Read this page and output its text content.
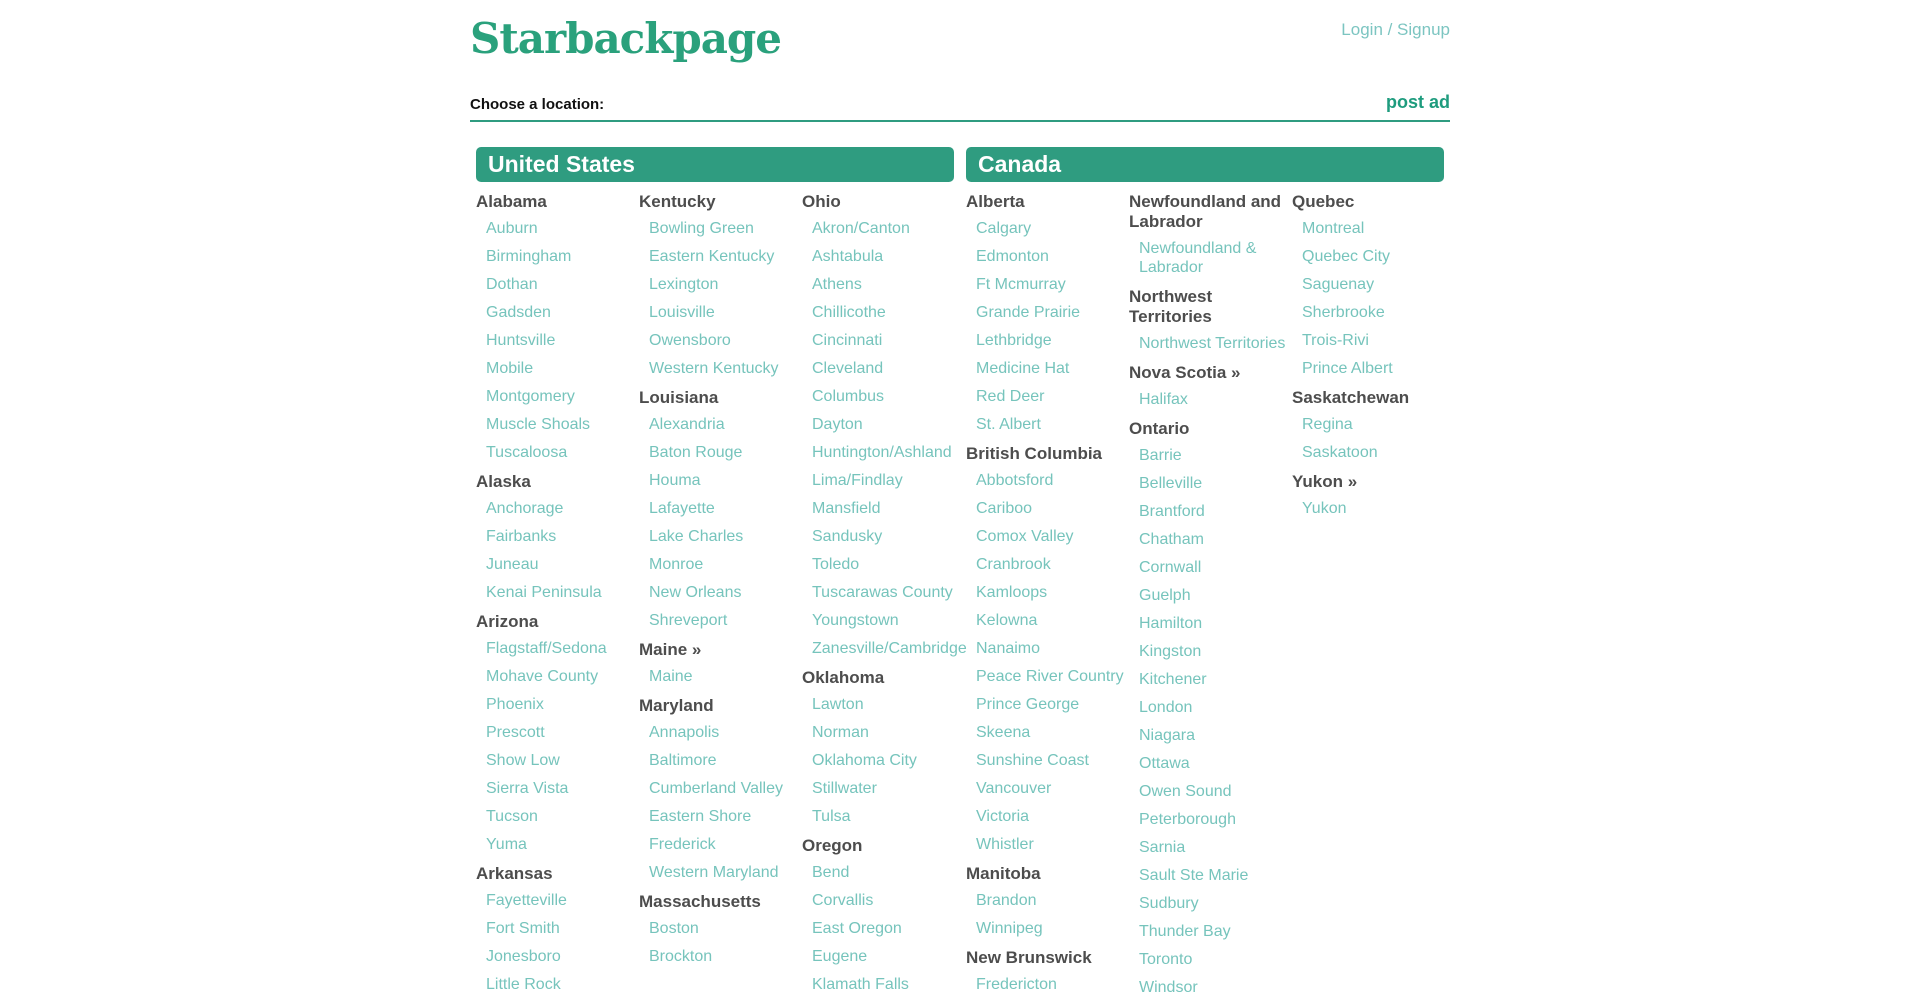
Starbackpage	Login / Signup
Choose a location:	post ad
United States
Alabama
Auburn
Birmingham
Dothan
Gadsden
Huntsville
Mobile
Montgomery
Muscle Shoals
Tuscaloosa
Alaska
Anchorage
Fairbanks
Juneau
Kenai Peninsula
Arizona
Flagstaff/Sedona
Mohave County
Phoenix
Prescott
Show Low
Sierra Vista
Tucson
Yuma
Arkansas
Fayetteville
Fort Smith
Jonesboro
Little Rock
Kentucky
Bowling Green
Eastern Kentucky
Lexington
Louisville
Owensboro
Western Kentucky
Louisiana
Alexandria
Baton Rouge
Houma
Lafayette
Lake Charles
Monroe
New Orleans
Shreveport
Maine »
Maine
Maryland
Annapolis
Baltimore
Cumberland Valley
Eastern Shore
Frederick
Western Maryland
Massachusetts
Boston
Brockton
Ohio
Akron/Canton
Ashtabula
Athens
Chillicothe
Cincinnati
Cleveland
Columbus
Dayton
Huntington/Ashland
Lima/Findlay
Mansfield
Sandusky
Toledo
Tuscarawas County
Youngstown
Zanesville/Cambridge
Oklahoma
Lawton
Norman
Oklahoma City
Stillwater
Tulsa
Oregon
Bend
Corvallis
East Oregon
Eugene
Klamath Falls
Canada
Alberta
Calgary
Edmonton
Ft Mcmurray
Grande Prairie
Lethbridge
Medicine Hat
Red Deer
St. Albert
British Columbia
Abbotsford
Cariboo
Comox Valley
Cranbrook
Kamloops
Kelowna
Nanaimo
Peace River Country
Prince George
Skeena
Sunshine Coast
Vancouver
Victoria
Whistler
Manitoba
Brandon
Winnipeg
New Brunswick
Fredericton
Newfoundland and Labrador
Newfoundland & Labrador
Northwest Territories
Northwest Territories
Nova Scotia »
Halifax
Ontario
Barrie
Belleville
Brantford
Chatham
Cornwall
Guelph
Hamilton
Kingston
Kitchener
London
Niagara
Ottawa
Owen Sound
Peterborough
Sarnia
Sault Ste Marie
Sudbury
Thunder Bay
Toronto
Windsor
Quebec
Montreal
Quebec City
Saguenay
Sherbrooke
Trois-Rivi
Prince Albert
Saskatchewan
Regina
Saskatoon
Yukon »
Yukon
